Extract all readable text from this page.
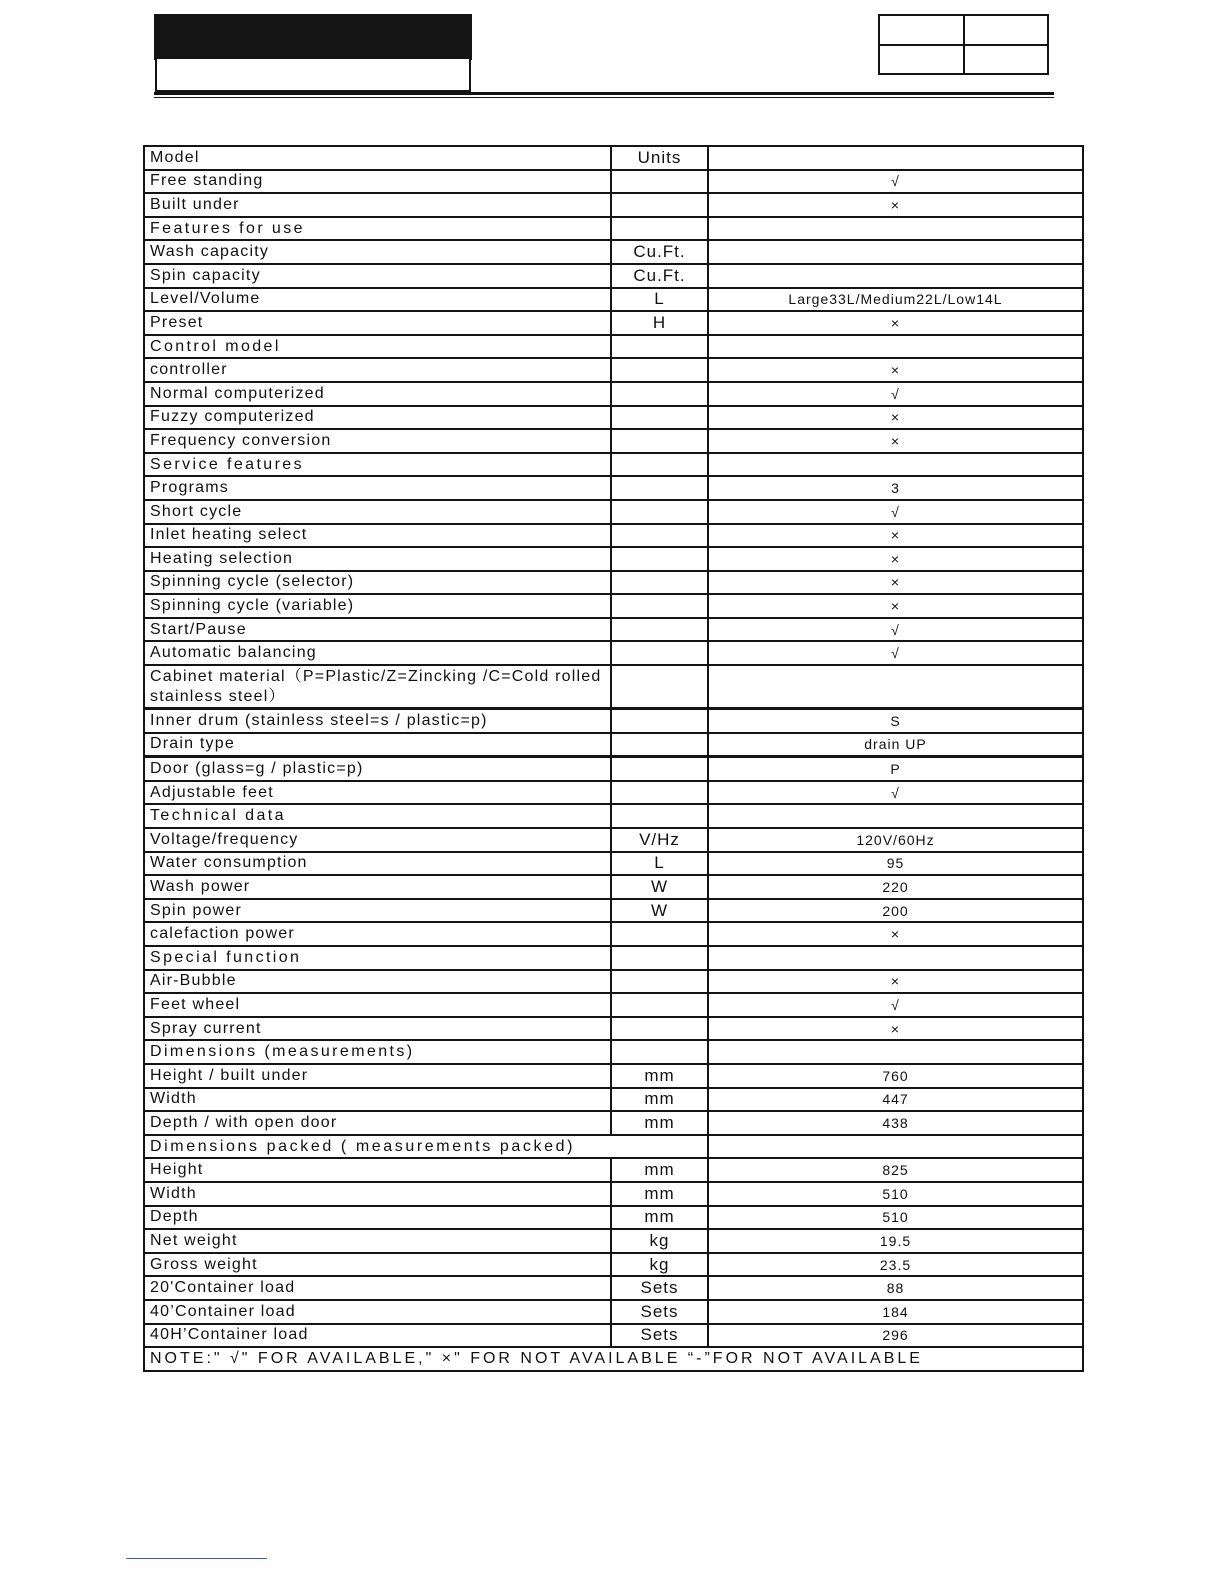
Model	Units	
Free standing		√
Built under		×
Features for use		
Wash capacity	Cu.Ft.	
Spin capacity	Cu.Ft.	
Level/Volume	L	Large33L/Medium22L/Low14L
Preset	H	×
Control model		
controller		×
Normal computerized		√
Fuzzy computerized		×
Frequency conversion		×
Service features		
Programs		3
Short cycle		√
Inlet heating select		×
Heating selection		×
Spinning cycle (selector)		×
Spinning cycle (variable)		×
Start/Pause		√
Automatic balancing		√
Cabinet material（P=Plastic/Z=Zincking /C=Cold rolled stainless steel）		
Inner drum (stainless steel=s / plastic=p)		S
Drain type		drain UP
Door (glass=g / plastic=p)		P
Adjustable feet		√
Technical data		
Voltage/frequency	V/Hz	120V/60Hz
Water consumption	L	95
Wash power	W	220
Spin power	W	200
calefaction power		×
Special function		
Air-Bubble		×
Feet wheel		√
Spray current		×
Dimensions (measurements)		
Height / built under	mm	760
Width	mm	447
Depth / with open door	mm	438
Dimensions packed ( measurements packed)		
Height	mm	825
Width	mm	510
Depth	mm	510
Net weight	kg	19.5
Gross weight	kg	23.5
20'Container load	Sets	88
40’Container load	Sets	184
40H’Container load	Sets	296
NOTE:" √" FOR AVAILABLE," ×" FOR NOT AVAILABLE “-”FOR NOT AVAILABLE		
